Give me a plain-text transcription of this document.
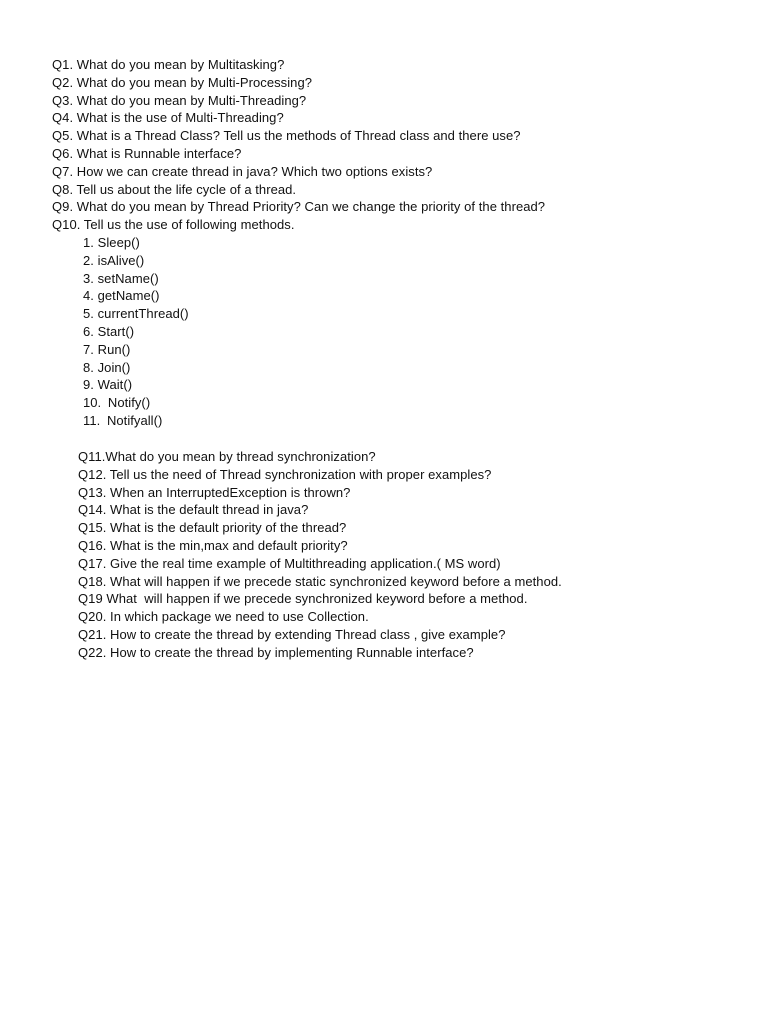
Q1. What do you mean by Multitasking?
Q2. What do you mean by Multi-Processing?
Q3. What do you mean by Multi-Threading?
Q4. What is the use of Multi-Threading?
Q5. What is a Thread Class? Tell us the methods of Thread class and there use?
Q6. What is Runnable interface?
Q7. How we can create thread in java? Which two options exists?
Q8. Tell us about the life cycle of a thread.
Q9. What do you mean by Thread Priority? Can we change the priority of the thread?
Q10. Tell us the use of following methods.
1. Sleep()
2. isAlive()
3. setName()
4. getName()
5. currentThread()
6. Start()
7. Run()
8. Join()
9. Wait()
10. Notify()
11. Notifyall()
Q11.What do you mean by thread synchronization?
Q12. Tell us the need of Thread synchronization with proper examples?
Q13. When an InterruptedException is thrown?
Q14. What is the default thread in java?
Q15. What is the default priority of the thread?
Q16. What is the min,max and default priority?
Q17. Give the real time example of Multithreading application.( MS word)
Q18. What will happen if we precede static synchronized keyword before a method.
Q19 What  will happen if we precede synchronized keyword before a method.
Q20. In which package we need to use Collection.
Q21. How to create the thread by extending Thread class , give example?
Q22. How to create the thread by implementing Runnable interface?
